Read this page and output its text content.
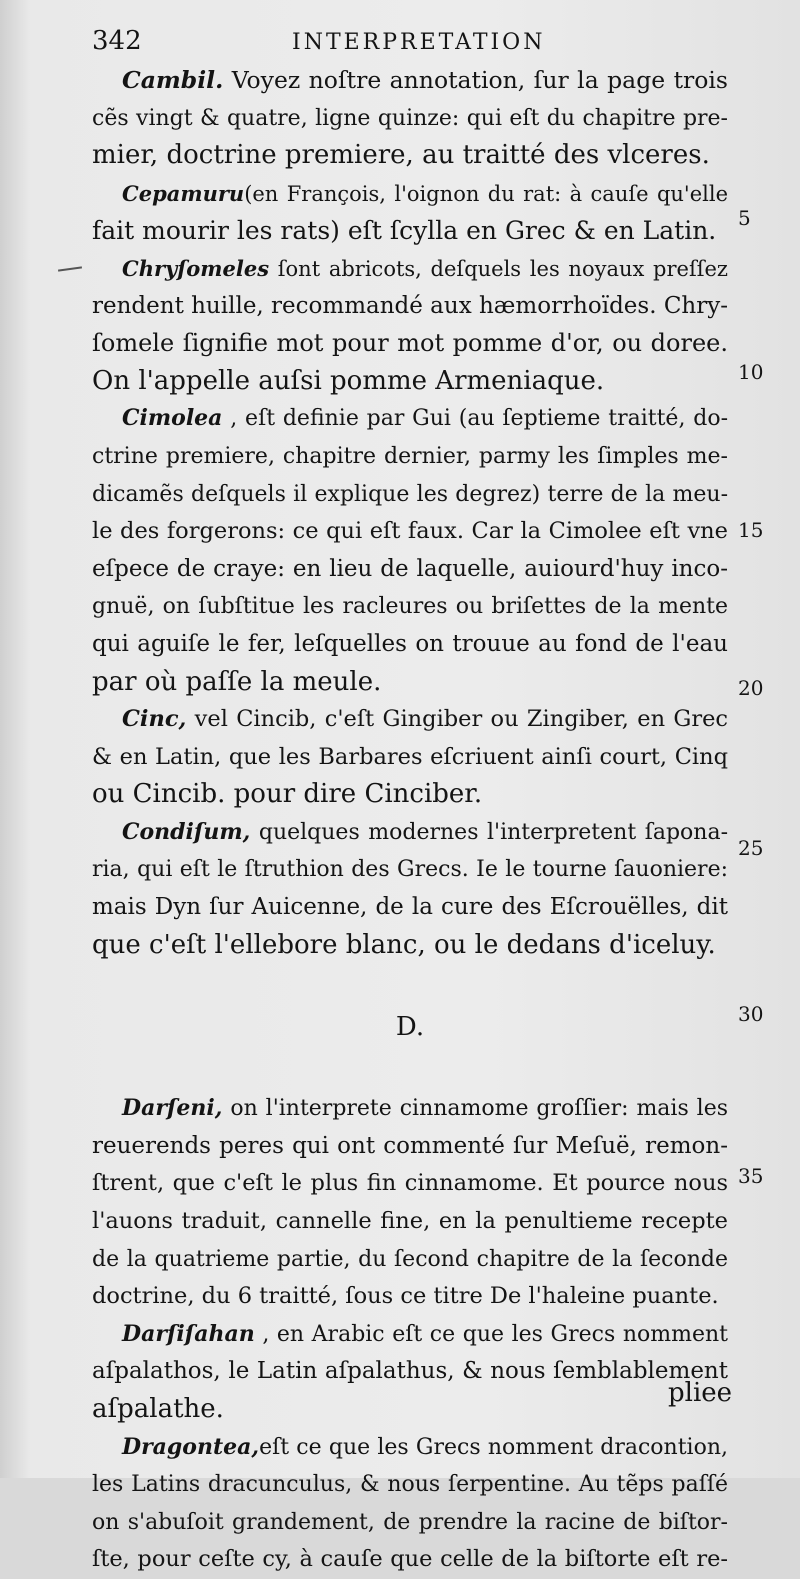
342	INTERPRETATION
Cambil. Voyez noſtre annotation, ſur la page trois
cẽs vingt & quatre, ligne quinze: qui eſt du chapitre pre-
mier, doctrine premiere, au traitté des vlceres.
Cepamuru(en François, l'oignon du rat: à cauſe qu'elle
fait mourir les rats) eſt ſcylla en Grec & en Latin.
Chryſomeles ſont abricots, deſquels les noyaux preſſez
rendent huille, recommandé aux hæmorrhoïdes. Chry-
ſomele ſignifie mot pour mot pomme d'or, ou doree.
On l'appelle auſsi pomme Armeniaque.
Cimolea , eſt definie par Gui (au ſeptieme traitté, do-
ctrine premiere, chapitre dernier, parmy les ſimples me-
dicamẽs deſquels il explique les degrez) terre de la meu-
le des forgerons: ce qui eſt faux. Car la Cimolee eſt vne
eſpece de craye: en lieu de laquelle, auiourd'huy inco-
gnuë, on ſubſtitue les racleures ou briſettes de la mente
qui aguiſe le fer, leſquelles on trouue au fond de l'eau
par où paſſe la meule.
Cinc, vel Cincib, c'eſt Gingiber ou Zingiber, en Grec
& en Latin, que les Barbares eſcriuent ainſi court, Cinq
ou Cincib. pour dire Cinciber.
Condiſum, quelques modernes l'interpretent ſapona-
ria, qui eſt le ſtruthion des Grecs. Ie le tourne ſauoniere:
mais Dyn ſur Auicenne, de la cure des Eſcrouëlles, dit
que c'eſt l'ellebore blanc, ou le dedans d'iceluy.
D.
Darſeni, on l'interprete cinnamome groſſier: mais les
reuerends peres qui ont commenté ſur Meſuë, remon-
ſtrent, que c'eſt le plus fin cinnamome. Et pource nous
l'auons traduit, cannelle fine, en la penultieme recepte
de la quatrieme partie, du ſecond chapitre de la ſeconde
doctrine, du 6 traitté, ſous ce titre De l'haleine puante.
Darſiſahan , en Arabic eſt ce que les Grecs nomment
aſpalathos, le Latin aſpalathus, & nous ſemblablement
aſpalathe.
Dragontea,eſt ce que les Grecs nomment dracontion,
les Latins dracunculus, & nous ſerpentine. Au tẽps paſſé
on s'abuſoit grandement, de prendre la racine de biſtor-
ſte, pour ceſte cy, à cauſe que celle de la biſtorte eſt re-
5
10
15
20
25
30
35
pliee
